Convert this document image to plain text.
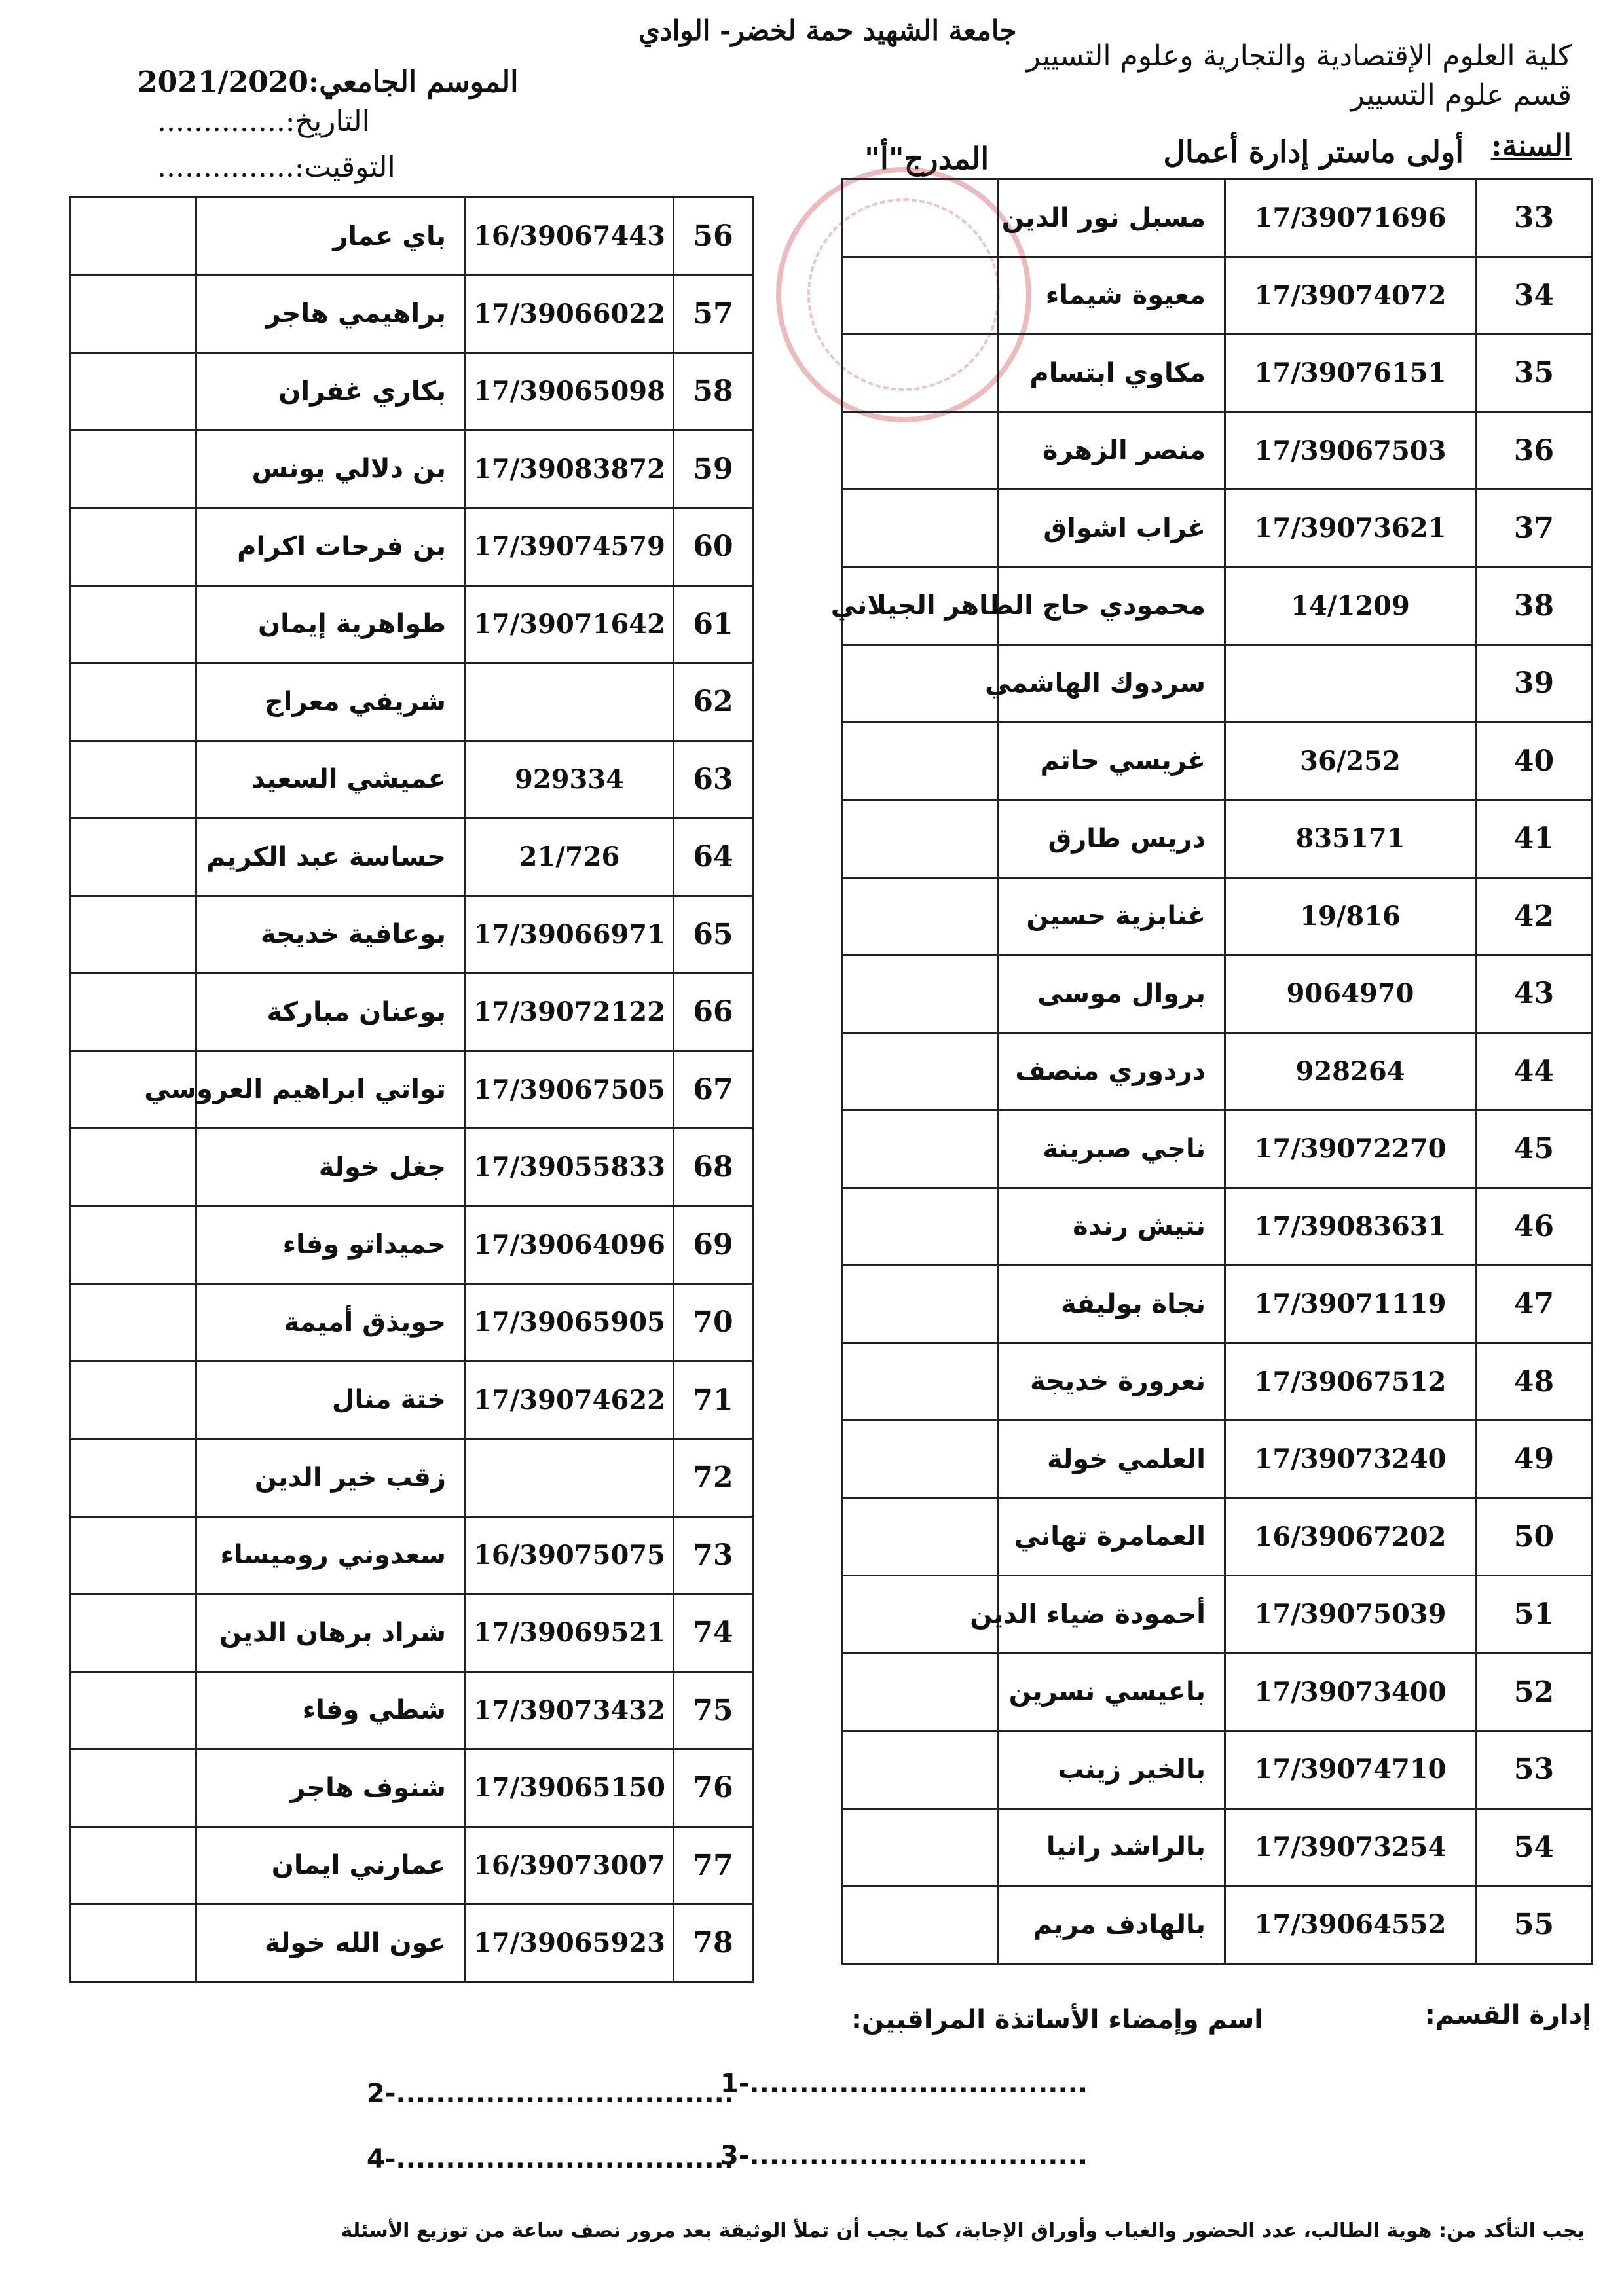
جامعة الشهيد حمة لخضر- الوادي
كلية العلوم الإقتصادية والتجارية وعلوم التسيير
قسم علوم التسيير
السنة:
أولى ماستر إدارة أعمال
المدرج"أ"
الموسم الجامعي:2021/2020
التاريخ:..............
التوقيت:...............
	باي عمار	16/39067443	56
	براهيمي هاجر	17/39066022	57
	بكاري غفران	17/39065098	58
	بن دلالي يونس	17/39083872	59
	بن فرحات اكرام	17/39074579	60
	طواهرية إيمان	17/39071642	61
	شريفي معراج		62
	عميشي السعيد	929334	63
	حساسة عبد الكريم	21/726	64
	بوعافية خديجة	17/39066971	65
	بوعنان مباركة	17/39072122	66
	تواتي ابراهيم العروسي	17/39067505	67
	جغل خولة	17/39055833	68
	حميداتو وفاء	17/39064096	69
	حويذق أميمة	17/39065905	70
	ختة منال	17/39074622	71
	زقب خير الدين		72
	سعدوني روميساء	16/39075075	73
	شراد برهان الدين	17/39069521	74
	شطي وفاء	17/39073432	75
	شنوف هاجر	17/39065150	76
	عمارني ايمان	16/39073007	77
	عون الله خولة	17/39065923	78
	مسبل نور الدين	17/39071696	33
	معيوة شيماء	17/39074072	34
	مكاوي ابتسام	17/39076151	35
	منصر الزهرة	17/39067503	36
	غراب اشواق	17/39073621	37
	محمودي حاج الطاهر الجيلاني	14/1209	38
	سردوك الهاشمي		39
	غريسي حاتم	36/252	40
	دريس طارق	835171	41
	غنابزية حسين	19/816	42
	بروال موسى	9064970	43
	دردوري منصف	928264	44
	ناجي صبرينة	17/39072270	45
	نتيش رندة	17/39083631	46
	نجاة بوليفة	17/39071119	47
	نعرورة خديجة	17/39067512	48
	العلمي خولة	17/39073240	49
	العمامرة تهاني	16/39067202	50
	أحمودة ضياء الدين	17/39075039	51
	باعيسي نسرين	17/39073400	52
	بالخير زينب	17/39074710	53
	بالراشد رانيا	17/39073254	54
	بالهادف مريم	17/39064552	55
إدارة القسم:
اسم وإمضاء الأساتذة المراقبين:
1-..................................
2-..................................
3-..................................
4-..................................
يجب التأكد من: هوية الطالب، عدد الحضور والغياب وأوراق الإجابة، كما يجب أن تملأ الوثيقة بعد مرور نصف ساعة من توزيع الأسئلة
